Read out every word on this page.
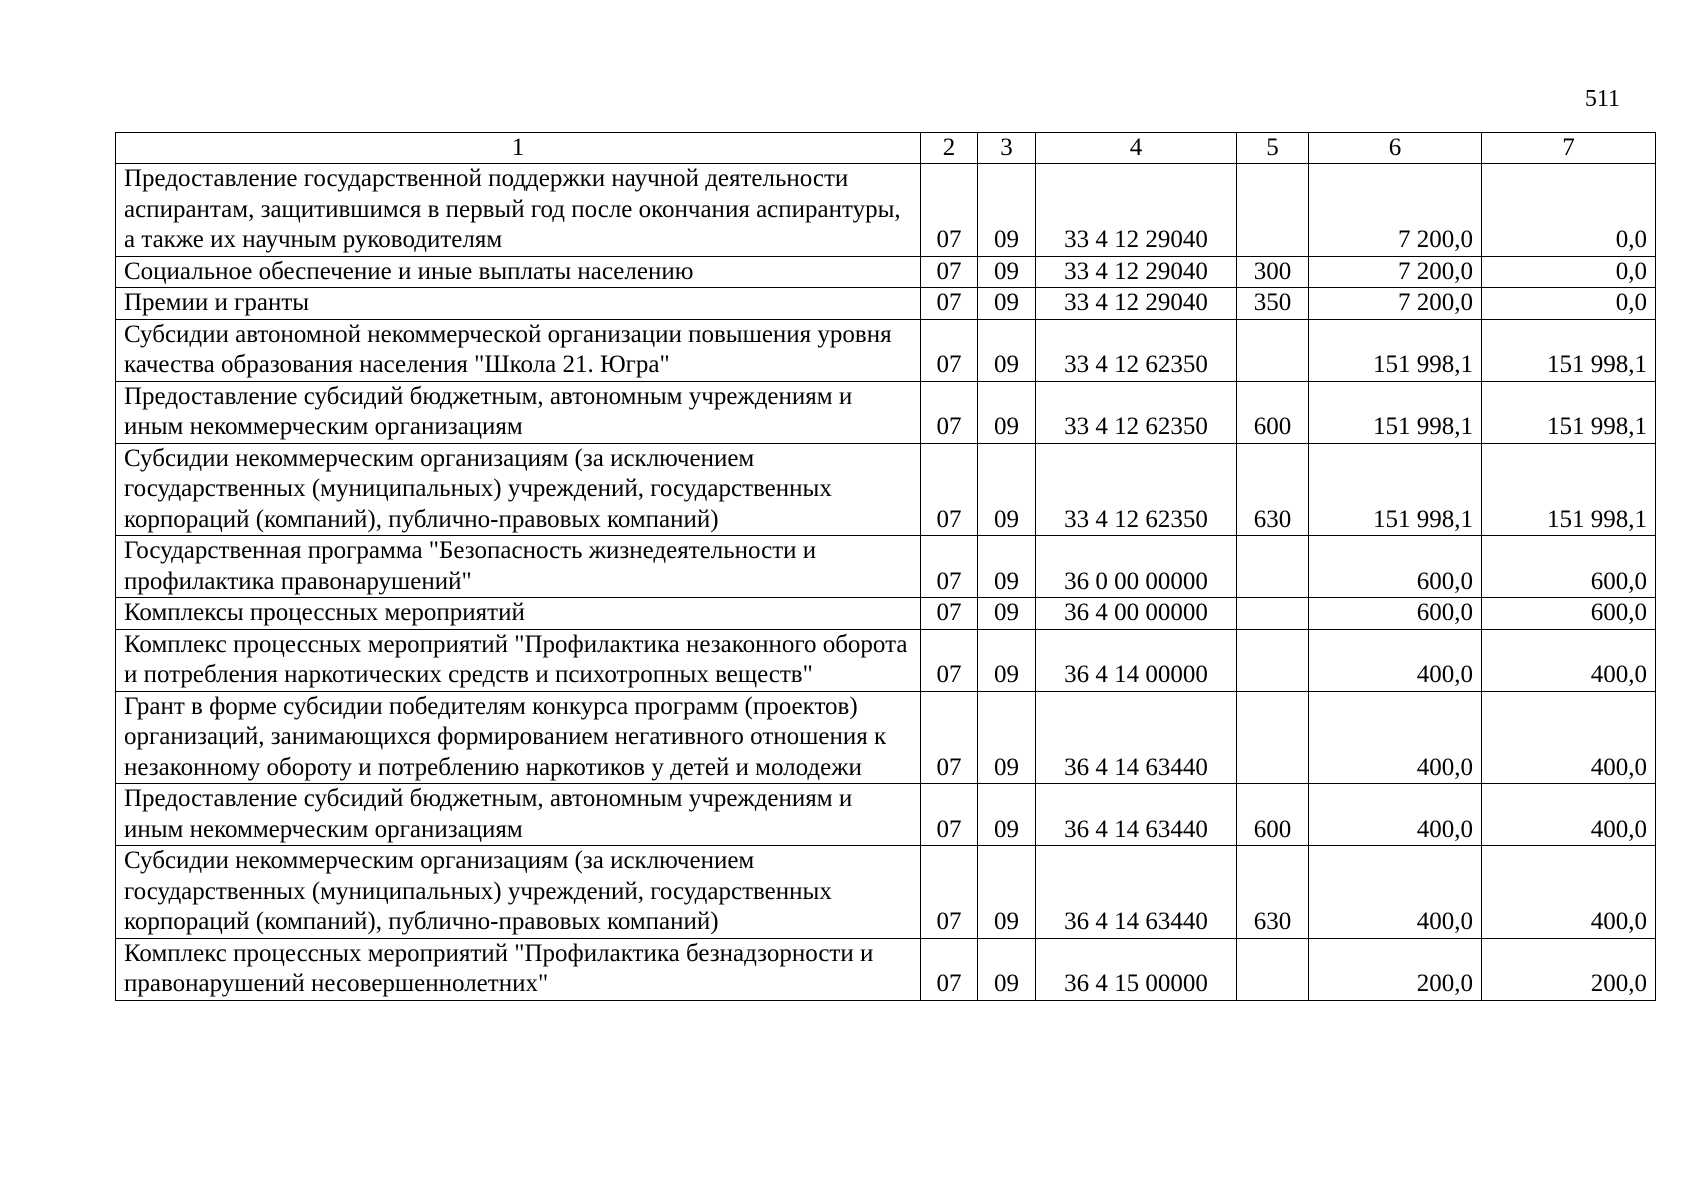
511
1	2	3	4	5	6	7
Предоставление государственной поддержки научной деятельности аспирантам, защитившимся в первый год после окончания аспирантуры, а также их научным руководителям	07	09	33 4 12 29040		7 200,0	0,0
Социальное обеспечение и иные выплаты населению	07	09	33 4 12 29040	300	7 200,0	0,0
Премии и гранты	07	09	33 4 12 29040	350	7 200,0	0,0
Субсидии автономной некоммерческой организации повышения уровня качества образования населения "Школа 21. Югра"	07	09	33 4 12 62350		151 998,1	151 998,1
Предоставление субсидий бюджетным, автономным учреждениям и иным некоммерческим организациям	07	09	33 4 12 62350	600	151 998,1	151 998,1
Субсидии некоммерческим организациям (за исключением государственных (муниципальных) учреждений, государственных корпораций (компаний), публично-правовых компаний)	07	09	33 4 12 62350	630	151 998,1	151 998,1
Государственная программа "Безопасность жизнедеятельности и профилактика правонарушений"	07	09	36 0 00 00000		600,0	600,0
Комплексы процессных мероприятий	07	09	36 4 00 00000		600,0	600,0
Комплекс процессных мероприятий "Профилактика незаконного оборота и потребления наркотических средств и психотропных веществ"	07	09	36 4 14 00000		400,0	400,0
Грант в форме субсидии победителям конкурса программ (проектов) организаций, занимающихся формированием негативного отношения к незаконному обороту и потреблению наркотиков у детей и молодежи	07	09	36 4 14 63440		400,0	400,0
Предоставление субсидий бюджетным, автономным учреждениям и иным некоммерческим организациям	07	09	36 4 14 63440	600	400,0	400,0
Субсидии некоммерческим организациям (за исключением государственных (муниципальных) учреждений, государственных корпораций (компаний), публично-правовых компаний)	07	09	36 4 14 63440	630	400,0	400,0
Комплекс процессных мероприятий "Профилактика безнадзорности и правонарушений несовершеннолетних"	07	09	36 4 15 00000		200,0	200,0
